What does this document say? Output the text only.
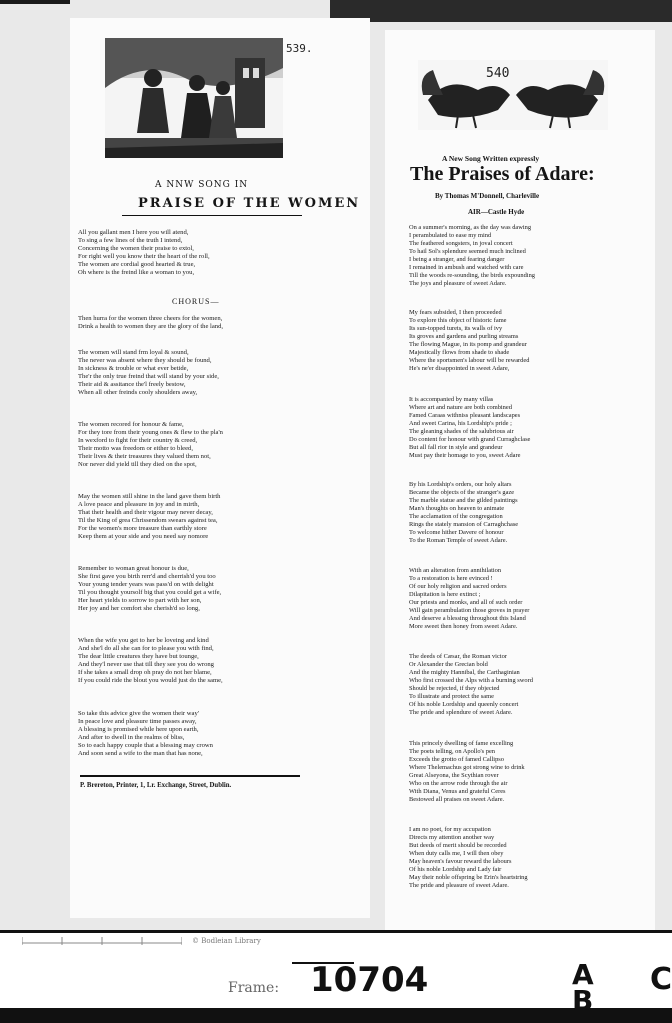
539.
A NNW SONG IN
PRAISE OF THE WOMEN
All you gallant men I here you will atend,
To sing a few lines of the truth I intend,
Concerning the women their praise to extol,
For right well you know their the heart of the roll,
The women are cordial good hearted & true,
Oh where is the freind like a woman to you,
CHORUS—
Then hurra for the women three cheers for the women,
Drink a health to women they are the glory of the land,
The women will stand frm loyal & sound,
The never was absent where they should be found,
In sickness & trouble or what ever betide,
The'r the only true freind that will stand by your side,
Their aid & assitance the'l freely bestow,
When all other freinds cooly shoulders away,
The women recored for honour & fame,
For they tore from their young ones & flew to the pla'n
In wexford to fight for their country & creed,
Their motto was freedom or either to bleed,
Their lives & their treasures they valued them not,
Nor never did yield till they died on the spot,
May the women still shine in the land gave them birth
A love peace and pleasure in joy and in mirth,
That their health and their vigour may never decay,
Til the King of grea Chrissendom swears against tea,
For the women's more treasure than earthly store
Keep them at your side and you need say nomore
Remember to woman great honour is due,
She first gave you birth rerr'd and cherrish'd you too
Your young tender years was pass'd on with delight
Til you thought yoursolf big that you could get a wife,
Her heart yields to sorrow to part with her son,
Her joy and her comfort she cherish'd so long,
When the wife you get to her be loveing and kind
And she'l do all she can for to please you with find,
The dear little creatures they have but tounge,
And they'l never use that till they see you do wrong
If she takes a small drop oh pray do not her blame,
If you could ride the blout you would just do the same,
So take this advice give the women their way'
In peace love and pleasure time passes away,
A blessing is promised while here upon earth,
And after to dwell in the realms of bliss,
So to each happy couple that a blessing may crown
And soon send a wife to the man that has none,
P. Brereton, Printer, 1, Lr. Exchange, Street, Dublin.
540
A New Song Written expressly
The Praises of Adare:
By Thomas M'Donnell, Charleville
AIR—Castle Hyde
On a summer's morning, as the day was dawing
I perambulated to ease my mind
The feathered songsters, in joval concert
To hail Sol's splendure seemed much inclined
I being a stranger, and fearing danger
I remained in ambush and watched with care
Till the woods re-sounding, the birds expounding
The joys and pleasure of sweet Adare.
My fears subsided, I then proceeded
To explore this object of historic fame
Its sun-topped turets, its walls of ivy
Its groves and gardens and purling streams
The flowing Mague, in its pomp and grandeur
Majestically flows from shade to shade
Where the sportsmen's labour will be rewarded
He's ne'er disappointed in sweet Adare,
It is accompanied by many villas
Where art and nature are both combined
Famed Caraas withniss pleasant landscapes
And sweet Carina, his Lordship's pride ;
The gleaning shades of the salubrious air
Do content for honour with grand Curraghclase
But all fall rior in style and grandeur
Must pay their homage to you, sweet Adare
By his Lordship's orders, our holy altars
Became the objects of the stranger's gaze
The marble statue and the gilded paintings
Man's thoughts on heaven to animate
The acclamation of the congregation
Rings the stately mansion of Carraghchase
To welcome hither Davere of honour
To the Roman Temple of sweet Adare.
With an alteration from annihilation
To a restoration is here evinced !
Of our holy religion and sacred orders
Dilapitation is here extinct ;
Our priests and monks, and all of such order
Will gain perambulation those groves in prayer
And deserve a blessing throughout this Island
More sweet then honey from sweet Adare.
The deeds of Cæsar, the Roman victor
Or Alexander the Grecian bold
And the mighty Hannibal, the Carthaginian
Who first crossed the Alps with a burning sword
Should be rejected, if they objected
To illustrate and protect the same
Of his noble Lordship and queenly concert
The pride and splendure of sweet Adare.
This princely dwelling of fame excelling
The poets telling, on Apollo's pen
Exceeds the grotto of famed Callipso
Where Thelemachus got strong wine to drink
Great Alseyona, the Scythian rover
Who on the arrow rode through the air
With Diana, Venus and grateful Ceres
Bestowed all praises on sweet Adare.
I am no poet, for my accupation
Directs my attention another way
But deeds of merit should be recorded
When duty calls me, I will then obey
May heaven's favour reward the labours
Of his noble Lordship and Lady fair
May their noble offspring be Erin's heartstring
The pride and pleasure of sweet Adare.
© Bodleian Library
Frame: 10704	A
B
C
